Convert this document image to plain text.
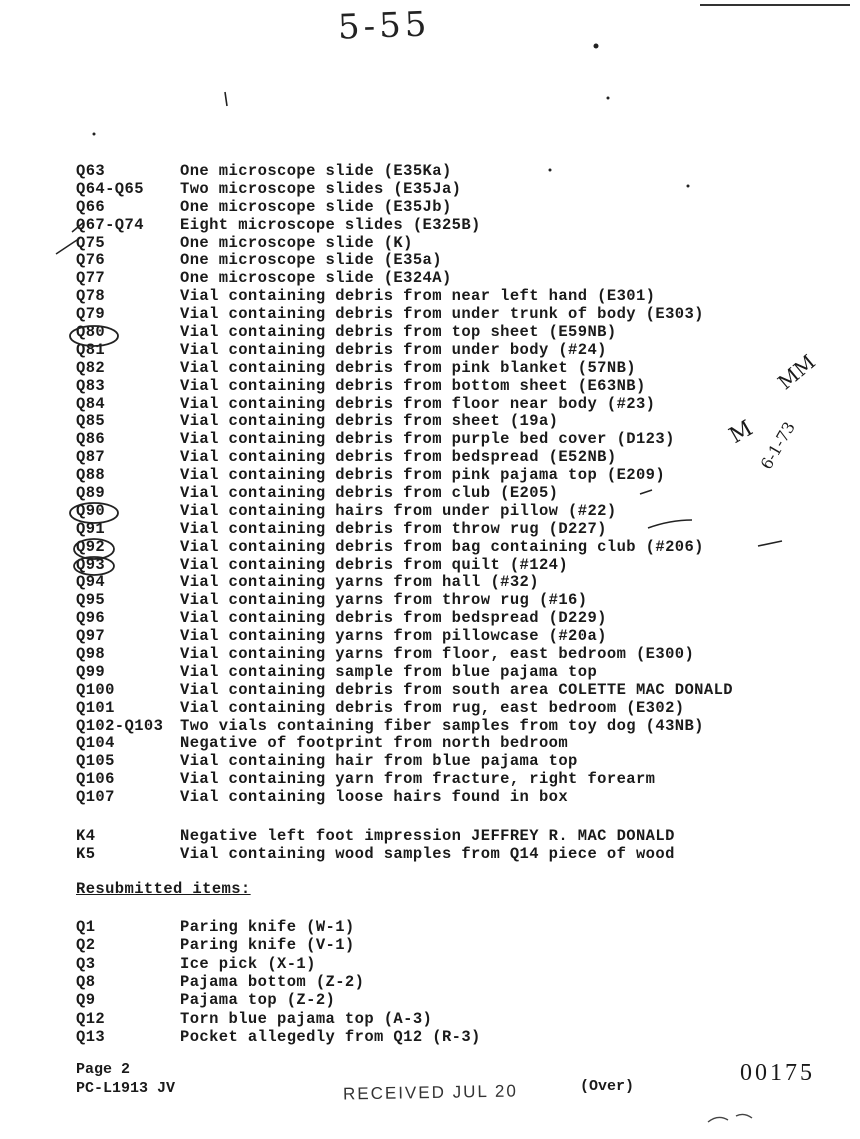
5-55
Q63	One microscope slide (E35Ka)
Q64-Q65	Two microscope slides (E35Ja)
Q66	One microscope slide (E35Jb)
Q67-Q74	Eight microscope slides (E325B)
Q75	One microscope slide (K)
Q76	One microscope slide (E35a)
Q77	One microscope slide (E324A)
Q78	Vial containing debris from near left hand (E301)
Q79	Vial containing debris from under trunk of body (E303)
Q80	Vial containing debris from top sheet (E59NB)
Q81	Vial containing debris from under body (#24)
Q82	Vial containing debris from pink blanket (57NB)
Q83	Vial containing debris from bottom sheet (E63NB)
Q84	Vial containing debris from floor near body (#23)
Q85	Vial containing debris from sheet (19a)
Q86	Vial containing debris from purple bed cover (D123)
Q87	Vial containing debris from bedspread (E52NB)
Q88	Vial containing debris from pink pajama top (E209)
Q89	Vial containing debris from club (E205)
Q90	Vial containing hairs from under pillow (#22)
Q91	Vial containing debris from throw rug (D227)
Q92	Vial containing debris from bag containing club (#206)
Q93	Vial containing debris from quilt (#124)
Q94	Vial containing yarns from hall (#32)
Q95	Vial containing yarns from throw rug (#16)
Q96	Vial containing debris from bedspread (D229)
Q97	Vial containing yarns from pillowcase (#20a)
Q98	Vial containing yarns from floor, east bedroom (E300)
Q99	Vial containing sample from blue pajama top
Q100	Vial containing debris from south area COLETTE MAC DONALD
Q101	Vial containing debris from rug, east bedroom (E302)
Q102-Q103	Two vials containing fiber samples from toy dog (43NB)
Q104	Negative of footprint from north bedroom
Q105	Vial containing hair from blue pajama top
Q106	Vial containing yarn from fracture, right forearm
Q107	Vial containing loose hairs found in box
K4	Negative left foot impression JEFFREY R. MAC DONALD
K5	Vial containing wood samples from Q14 piece of wood
Resubmitted items:
Q1	Paring knife (W-1)
Q2	Paring knife (V-1)
Q3	Ice pick (X-1)
Q8	Pajama bottom (Z-2)
Q9	Pajama top (Z-2)
Q12	Torn blue pajama top (A-3)
Q13	Pocket allegedly from Q12 (R-3)
Page 2
PC-L1913 JV	RECEIVED JUL 20	(Over)
00175
MM
M 6-1-73
